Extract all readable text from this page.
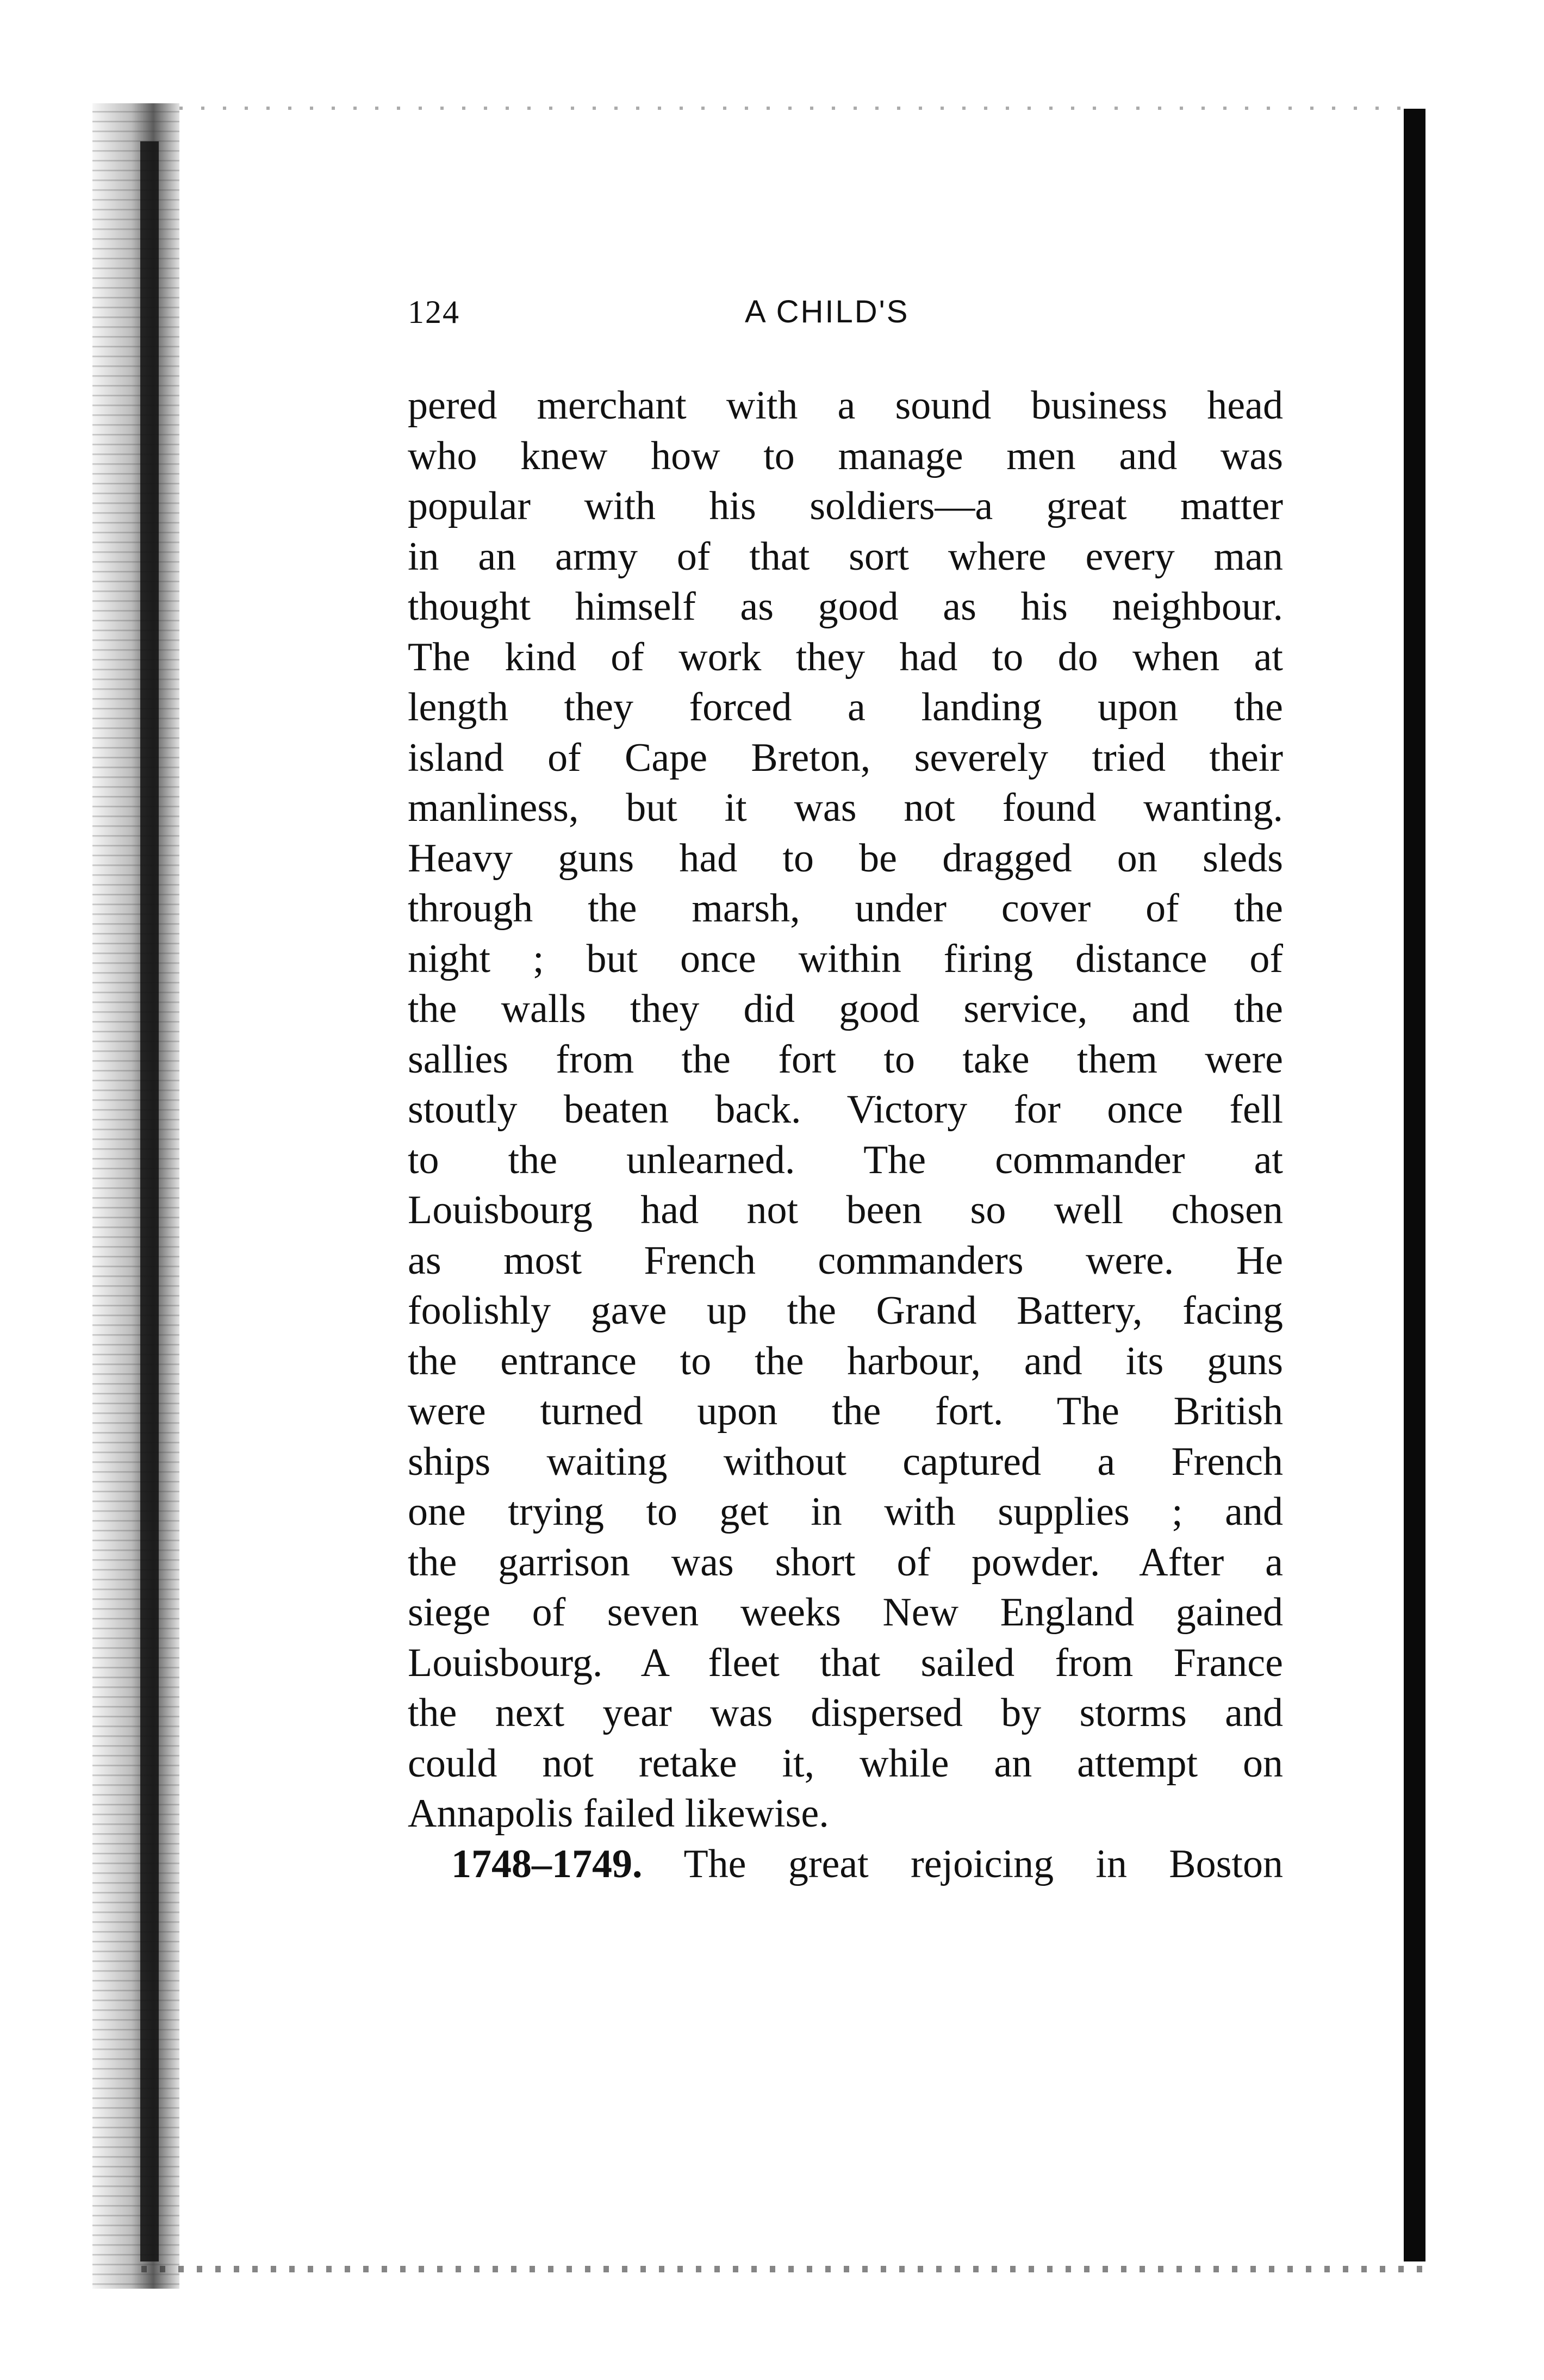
124	A CHILD'S
pered merchant with a sound business head
who knew how to manage men and was
popular with his soldiers—a great matter
in an army of that sort where every man
thought himself as good as his neighbour.
The kind of work they had to do when at
length they forced a landing upon the
island of Cape Breton, severely tried their
manliness, but it was not found wanting.
Heavy guns had to be dragged on sleds
through the marsh, under cover of the
night ; but once within firing distance of
the walls they did good service, and the
sallies from the fort to take them were
stoutly beaten back. Victory for once fell
to the unlearned. The commander at
Louisbourg had not been so well chosen
as most French commanders were. He
foolishly gave up the Grand Battery, facing
the entrance to the harbour, and its guns
were turned upon the fort. The British
ships waiting without captured a French
one trying to get in with supplies ; and
the garrison was short of powder. After a
siege of seven weeks New England gained
Louisbourg. A fleet that sailed from France
the next year was dispersed by storms and
could not retake it, while an attempt on
Annapolis failed likewise.
1748–1749. The great rejoicing in Boston
